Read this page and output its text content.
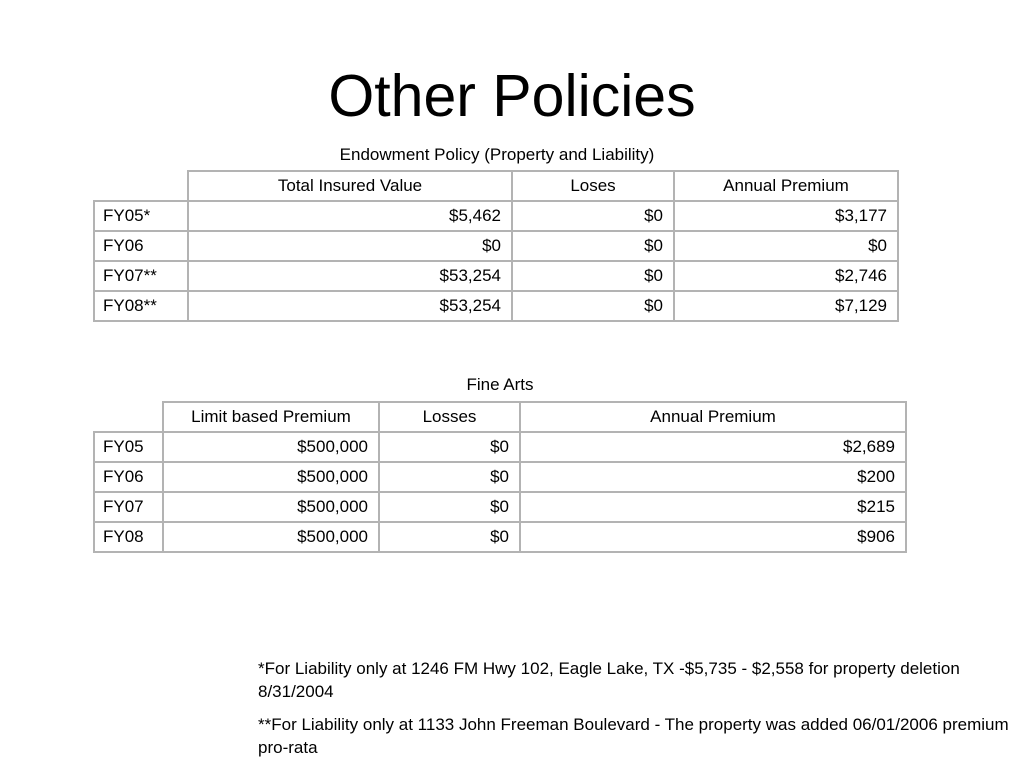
Other Policies
Endowment Policy (Property and Liability)
	Total Insured Value	Loses	Annual Premium
FY05*	$5,462	$0	$3,177
FY06	$0	$0	$0
FY07**	$53,254	$0	$2,746
FY08**	$53,254	$0	$7,129
Fine Arts
	Limit based Premium	Losses	Annual Premium
FY05	$500,000	$0	$2,689
FY06	$500,000	$0	$200
FY07	$500,000	$0	$215
FY08	$500,000	$0	$906

*For Liability only at 1246 FM Hwy 102, Eagle Lake, TX -$5,735 - $2,558 for property deletion 8/31/2004

**For Liability only at 1133 John Freeman Boulevard - The property was added 06/01/2006 premium pro-rata
